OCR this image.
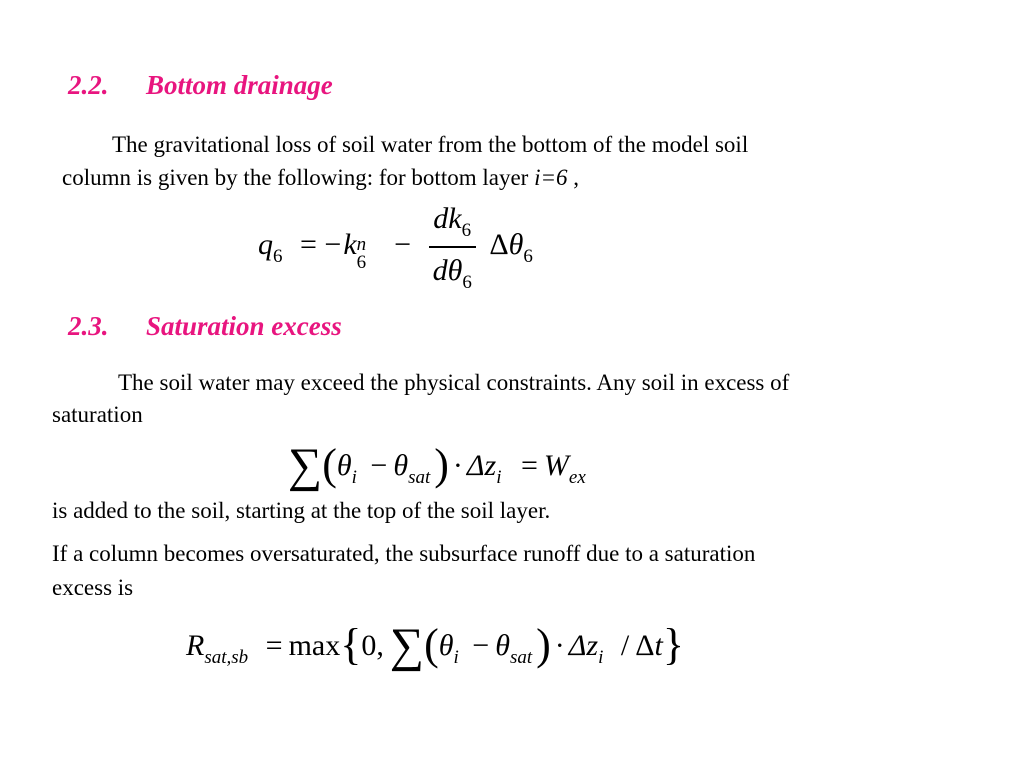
2.2. Bottom drainage
The gravitational loss of soil water from the bottom of the model soil
column is given by the following: for bottom layer i=6 ,
$q_6 = -k$ n
6
− $\frac{dk_6}{d\theta_6} \Delta\theta_6$
2.3. Saturation excess
The soil water may exceed the physical constraints. Any soil in excess of
saturation
$\sum(\theta_i - \theta_{sat}) \cdot \Delta z_i = W_{ex}$
is added to the soil, starting at the top of the soil layer.
If a column becomes oversaturated, the subsurface runoff due to a saturation
excess is
$R_{sat,sb} = \max\{0$, $\sum(\theta_i - \theta_{sat}) \cdot \Delta z_i / \Delta t$}
